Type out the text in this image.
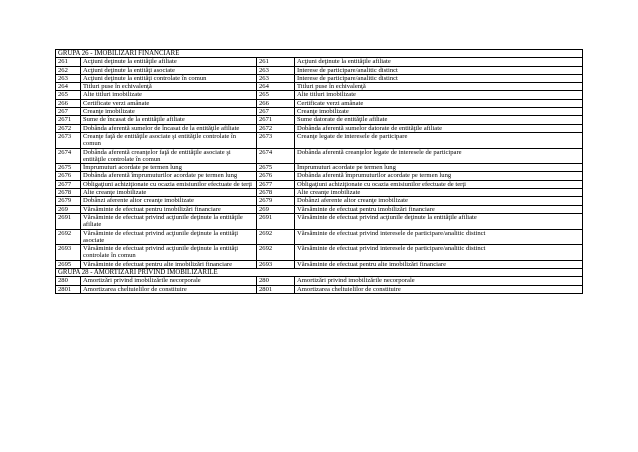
GRUPA 26 - IMOBILIZĂRI FINANCIARE			
261	Acţiuni deţinute la entităţile afiliate	261	Acţiuni deţinute la entităţile afiliate
262	Acţiuni deţinute la entităţi asociate	263	Interese de participare/analitic distinct
263	Acţiuni deţinute la entităţi controlate în comun	263	Interese de participare/analitic distinct
264	Titluri puse în echivalenţă	264	Titluri puse în echivalenţă
265	Alte titluri imobilizate	265	Alte titluri imobilizate
266	Certificate verzi amânate	266	Certificate verzi amânate
267	Creanţe imobilizate	267	Creanţe imobilizate
2671	Sume de încasat de la entităţile afiliate	2671	Sume datorate de entităţile afiliate
2672	Dobânda aferentă sumelor de încasat de la entităţile afiliate	2672	Dobânda aferentă sumelor datorate de entităţile afiliate
2673	Creanţe faţă de entităţile asociate şi entităţile controlate în comun	2673	Creanţe legate de interesele de participare
2674	Dobânda aferentă creanţelor faţă de entităţile asociate şi entităţile controlate în comun	2674	Dobânda aferentă creanţelor legate de interesele de participare
2675	Împrumuturi acordate pe termen lung	2675	Împrumuturi acordate pe termen lung
2676	Dobânda aferentă împrumuturilor acordate pe termen lung	2676	Dobânda aferentă împrumuturilor acordate pe termen lung
2677	Obligaţiuni achiziţionate cu ocazia emisiunilor efectuate de terţi	2677	Obligaţiuni achiziţionate cu ocazia emisiunilor efectuate de terţi
2678	Alte creanţe imobilizate	2678	Alte creanţe imobilizate
2679	Dobânzi aferente altor creanţe imobilizate	2679	Dobânzi aferente altor creanţe imobilizate
269	Vărsăminte de efectuat pentru imobilizări financiare	269	Vărsăminte de efectuat pentru imobilizări financiare
2691	Vărsăminte de efectuat privind acţiunile deţinute la entităţile afiliate	2691	Vărsăminte de efectuat privind acţiunile deţinute la entităţile afiliate
2692	Vărsăminte de efectuat privind acţiunile deţinute la entităţi asociate	2692	Vărsăminte de efectuat privind interesele de participare/analitic distinct
2693	Vărsăminte de efectuat privind acţiunile deţinute la entităţi controlate în comun	2692	Vărsăminte de efectuat privind interesele de participare/analitic distinct
2695	Vărsăminte de efectuat pentru alte imobilizări financiare	2693	Vărsăminte de efectuat pentru alte imobilizări financiare
GRUPA 28 - AMORTIZĂRI PRIVIND IMOBILIZĂRILE			
280	Amortizări privind imobilizările necorporale	280	Amortizări privind imobilizările necorporale
2801	Amortizarea cheltuielilor de constituire	2801	Amortizarea cheltuielilor de constituire
